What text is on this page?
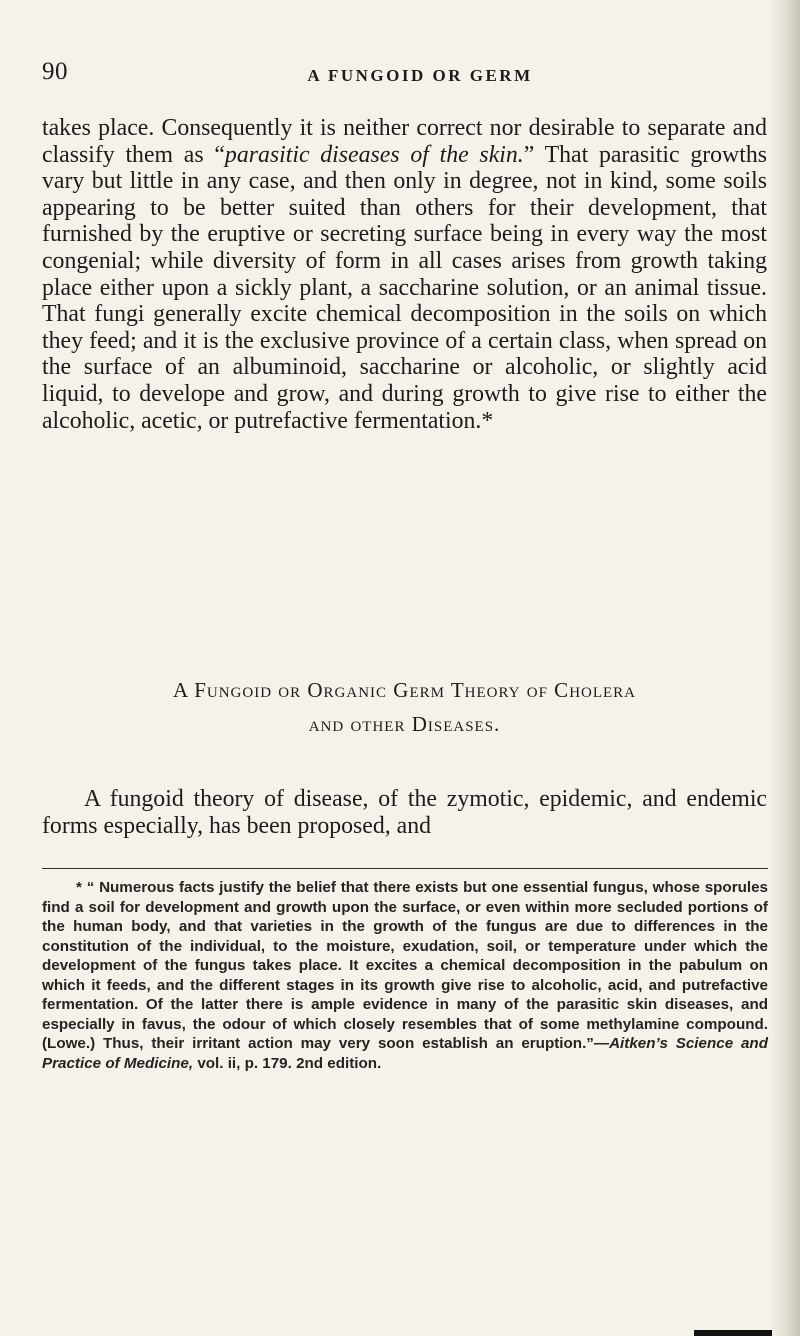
90	A FUNGOID OR GERM

takes place. Consequently it is neither correct nor desirable to separate and classify them as “parasitic diseases of the skin.” That parasitic growths vary but little in any case, and then only in degree, not in kind, some soils appearing to be better suited than others for their development, that furnished by the eruptive or secreting surface being in every way the most congenial; while diversity of form in all cases arises from growth taking place either upon a sickly plant, a saccharine solution, or an animal tissue. That fungi generally excite chemical decomposition in the soils on which they feed; and it is the exclusive province of a certain class, when spread on the surface of an albuminoid, saccharine or alcoholic, or slightly acid liquid, to develope and grow, and during growth to give rise to either the alcoholic, acetic, or putrefactive fermentation.*

A Fungoid or Organic Germ Theory of Cholera
and other Diseases.

A fungoid theory of disease, of the zymotic, epidemic, and endemic forms especially, has been proposed, and

* “ Numerous facts justify the belief that there exists but one essential fungus, whose sporules find a soil for development and growth upon the surface, or even within more secluded portions of the human body, and that varieties in the growth of the fungus are due to differences in the constitution of the individual, to the moisture, exudation, soil, or temperature under which the development of the fungus takes place. It excites a chemical decomposition in the pabulum on which it feeds, and the different stages in its growth give rise to alcoholic, acid, and putrefactive fermentation. Of the latter there is ample evidence in many of the parasitic skin diseases, and especially in favus, the odour of which closely resembles that of some methylamine compound. (Lowe.) Thus, their irritant action may very soon establish an eruption.”—Aitken’s Science and Practice of Medicine, vol. ii, p. 179. 2nd edition.
